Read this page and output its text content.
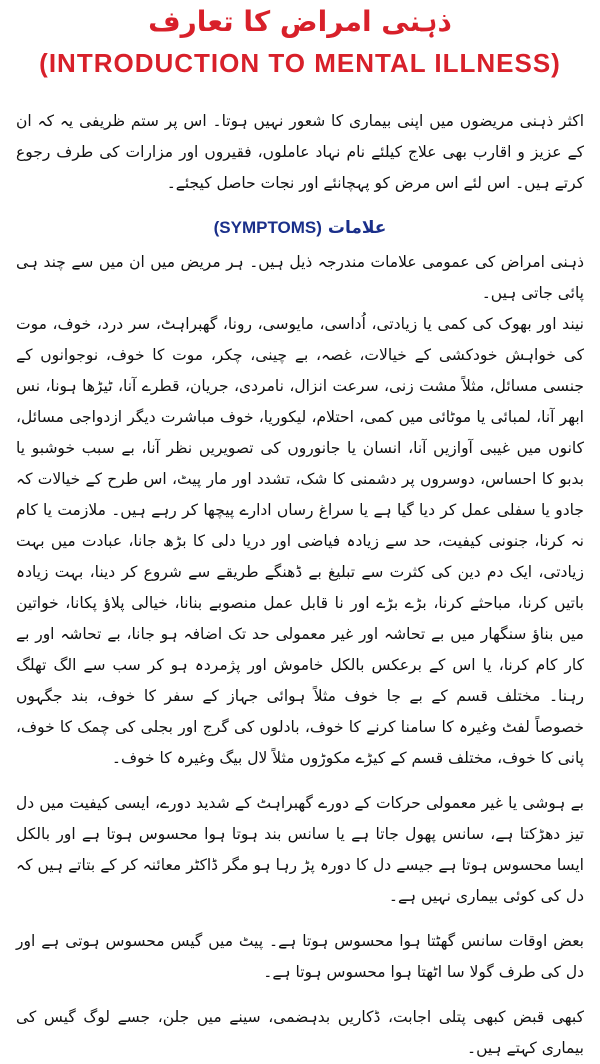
ذہنی امراض کا تعارف
(INTRODUCTION TO MENTAL ILLNESS)

اکثر ذہنی مریضوں میں اپنی بیماری کا شعور نہیں ہوتا۔ اس پر ستم ظریفی یہ کہ ان کے عزیز و اقارب بھی علاج کیلئے نام نہاد عاملوں، فقیروں اور مزارات کی طرف رجوع کرتے ہیں۔ اس لئے اس مرض کو پہچانئے اور نجات حاصل کیجئے۔

علامات (SYMPTOMS)

ذہنی امراض کی عمومی علامات مندرجہ ذیل ہیں۔ ہر مریض میں ان میں سے چند ہی پائی جاتی ہیں۔

نیند اور بھوک کی کمی یا زیادتی، اُداسی، مایوسی، رونا، گھبراہٹ، سر درد، خوف، موت کی خواہش خودکشی کے خیالات، غصہ، بے چینی، چکر، موت کا خوف، نوجوانوں کے جنسی مسائل، مثلاً مشت زنی، سرعت انزال، نامردی، جریان، قطرے آنا، ٹیڑھا ہونا، نس ابھر آنا، لمبائی یا موٹائی میں کمی، احتلام، لیکوریا، خوف مباشرت دیگر ازدواجی مسائل، کانوں میں غیبی آوازیں آنا، انسان یا جانوروں کی تصویریں نظر آنا، بے سبب خوشبو یا بدبو کا احساس، دوسروں پر دشمنی کا شک، تشدد اور مار پیٹ، اس طرح کے خیالات کہ جادو یا سفلی عمل کر دیا گیا ہے یا سراغ رساں ادارے پیچھا کر رہے ہیں۔ ملازمت یا کام نہ کرنا، جنونی کیفیت، حد سے زیادہ فیاضی اور دریا دلی کا بڑھ جانا، عبادت میں بہت زیادتی، ایک دم دین کی کثرت سے تبلیغ بے ڈھنگے طریقے سے شروع کر دینا، بہت زیادہ باتیں کرنا، مباحثے کرنا، بڑے بڑے اور نا قابل عمل منصوبے بنانا، خیالی پلاؤ پکانا، خواتین میں بناؤ سنگھار میں بے تحاشہ اور غیر معمولی حد تک اضافہ ہو جانا، بے تحاشہ اور بے کار کام کرنا، یا اس کے برعکس بالکل خاموش اور پژمردہ ہو کر سب سے الگ تھلگ رہنا۔ مختلف قسم کے بے جا خوف مثلاً ہوائی جہاز کے سفر کا خوف، بند جگہوں خصوصاً لفٹ وغیرہ کا سامنا کرنے کا خوف، بادلوں کی گرج اور بجلی کی چمک کا خوف، پانی کا خوف، مختلف قسم کے کیڑے مکوڑوں مثلاً لال بیگ وغیرہ کا خوف۔

بے ہوشی یا غیر معمولی حرکات کے دورے گھبراہٹ کے شدید دورے، ایسی کیفیت میں دل تیز دھڑکتا ہے، سانس پھول جاتا ہے یا سانس بند ہوتا ہوا محسوس ہوتا ہے اور بالکل ایسا محسوس ہوتا ہے جیسے دل کا دورہ پڑ رہا ہو مگر ڈاکٹر معائنہ کر کے بتاتے ہیں کہ دل کی کوئی بیماری نہیں ہے۔

بعض اوقات سانس گھٹتا ہوا محسوس ہوتا ہے۔ پیٹ میں گیس محسوس ہوتی ہے اور دل کی طرف گولا سا اٹھتا ہوا محسوس ہوتا ہے۔

کبھی قبض کبھی پتلی اجابت، ڈکاریں بدہضمی، سینے میں جلن، جسے لوگ گیس کی بیماری کہتے ہیں۔
